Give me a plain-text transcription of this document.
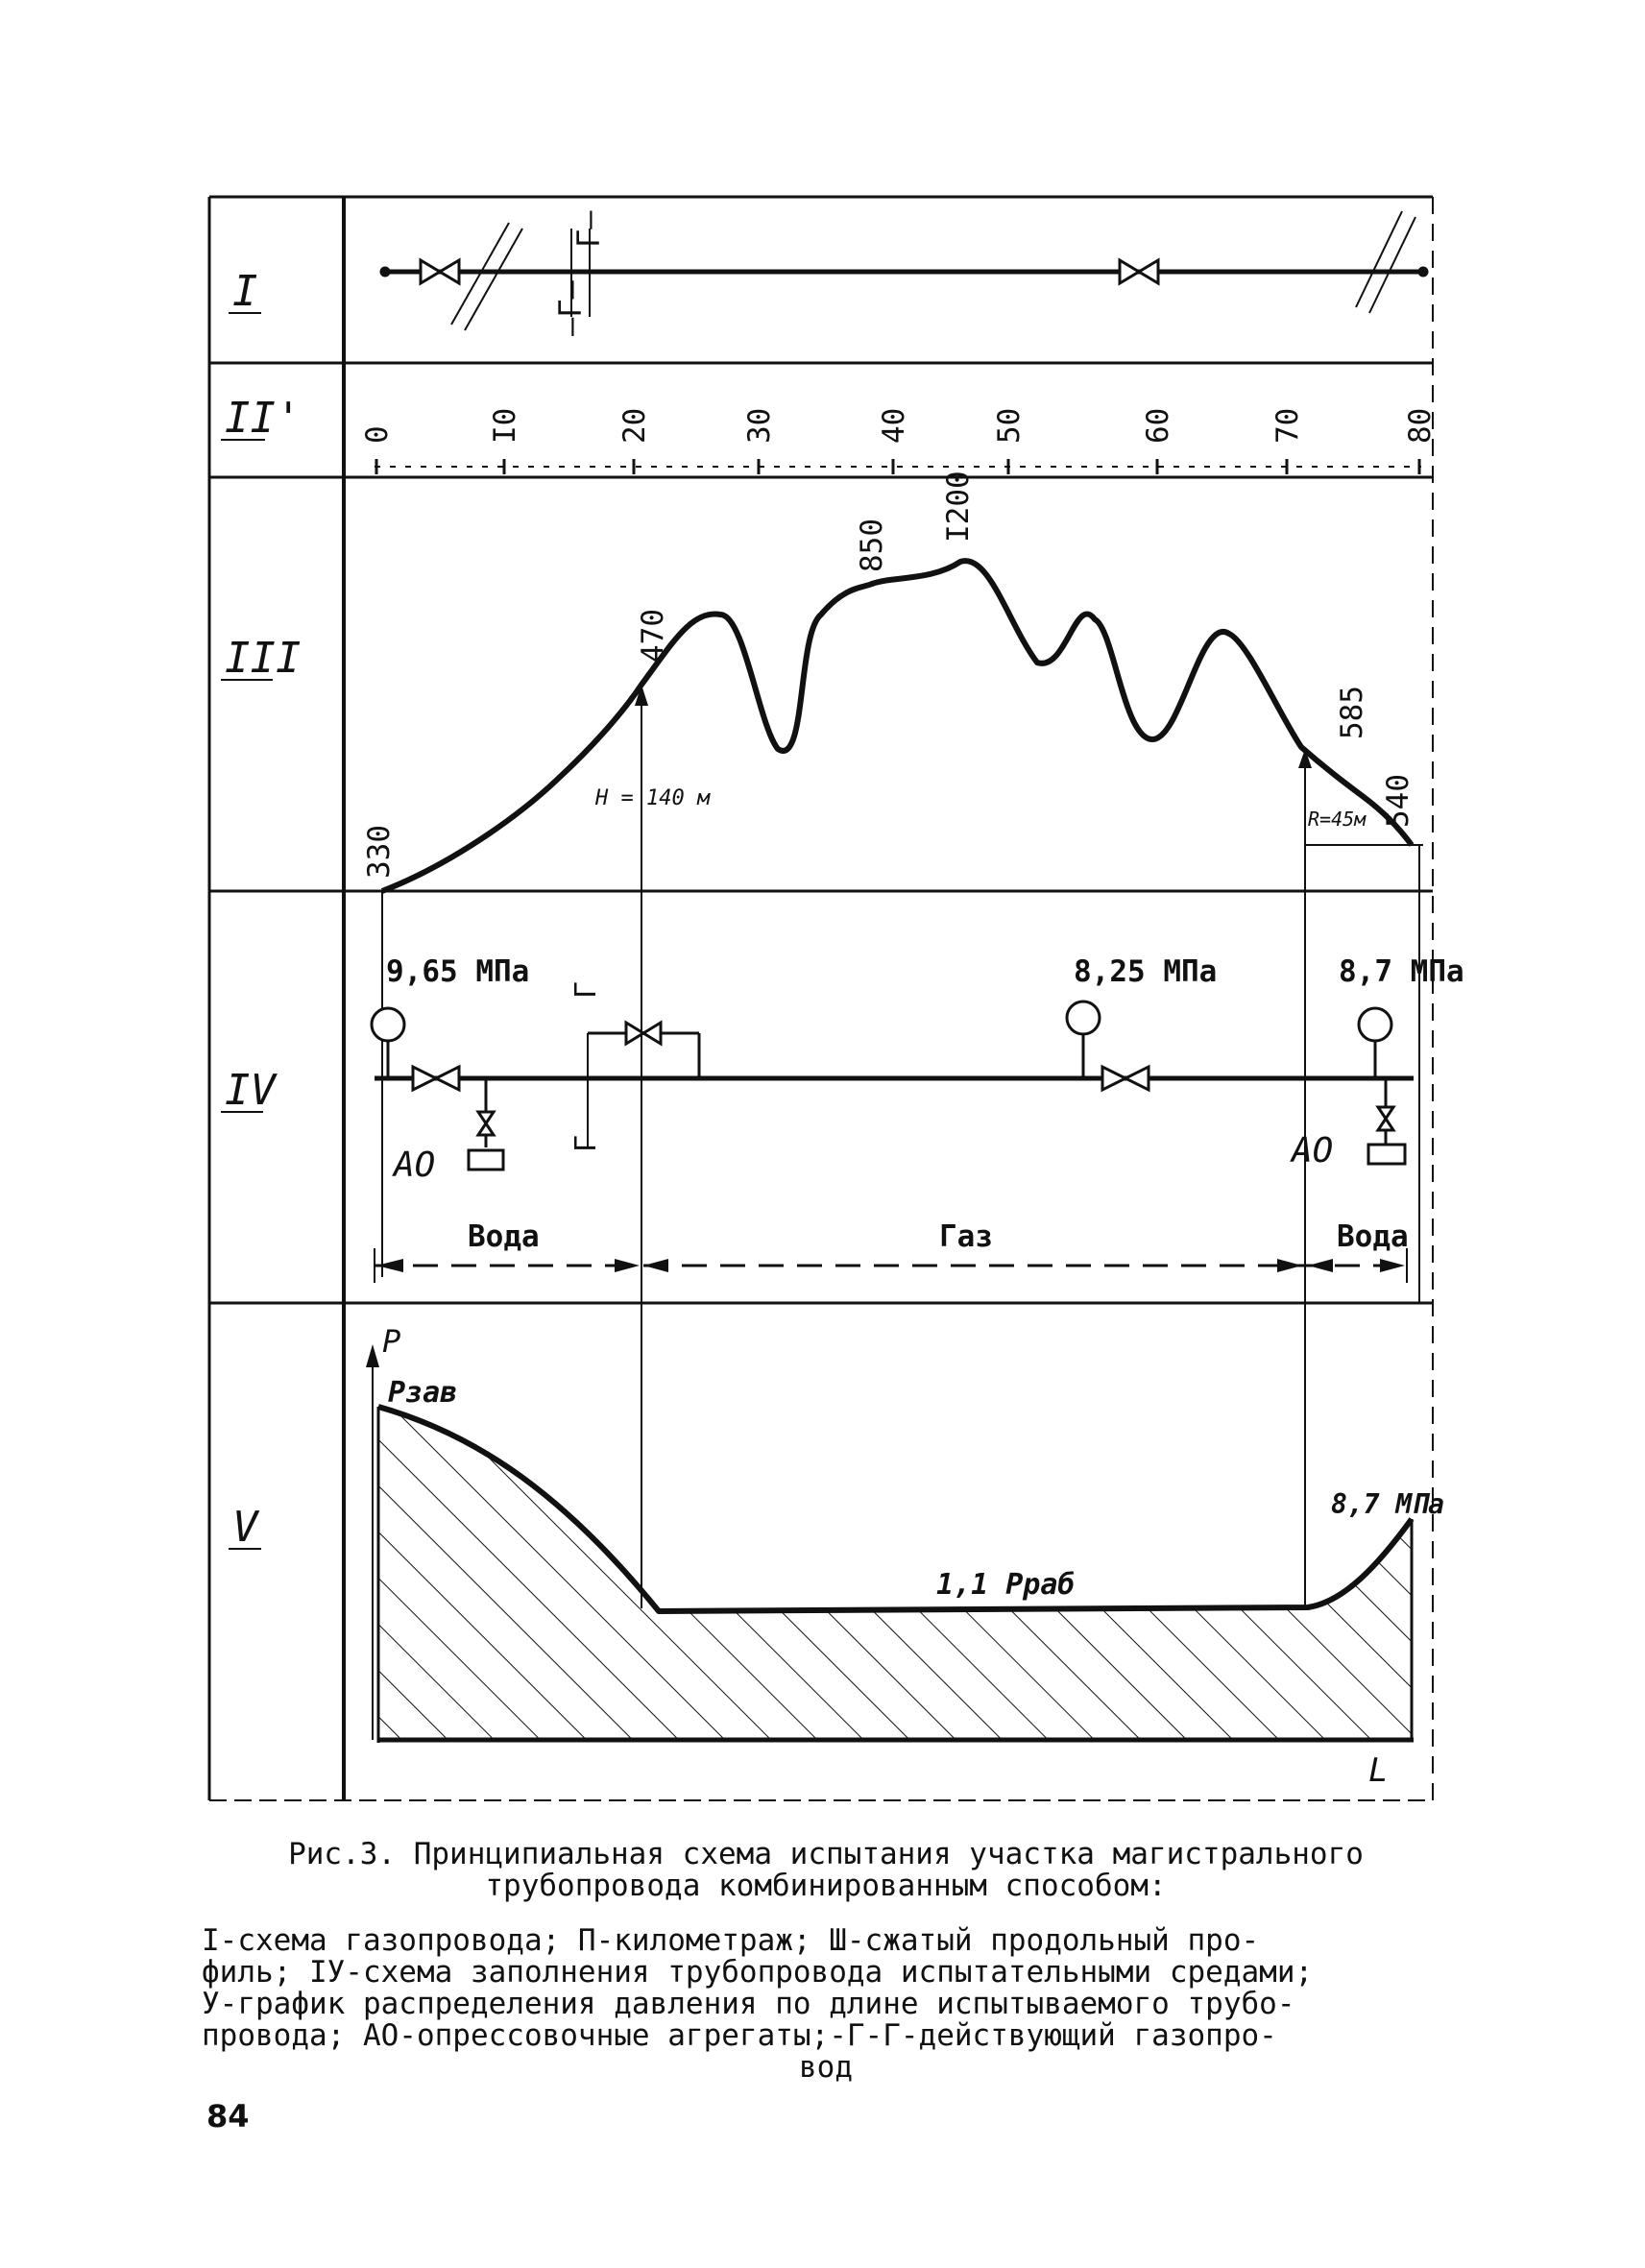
I
II'
III
IV
V
—Г—
Г—
0	I0	20	30	40	50	60	70	80
330
470
850
I200
585
540
H = 140 м
R=45м
9,65 МПа	8,25 МПа	8,7 МПа
АО	АО
Г
Г
Вода	Газ	Вода
P
L
Pзав
1,1 Pраб
8,7 МПа
Рис.3. Принципиальная схема испытания участка магистрального
трубопровода комбинированным способом:
I-схема газопровода; П-километраж; Ш-сжатый продольный про-
филь; IУ-схема заполнения трубопровода испытательными средами;
У-график распределения давления по длине испытываемого трубо-
провода; АО-опрессовочные агрегаты;-Г-Г-действующий газопро-
вод
84
